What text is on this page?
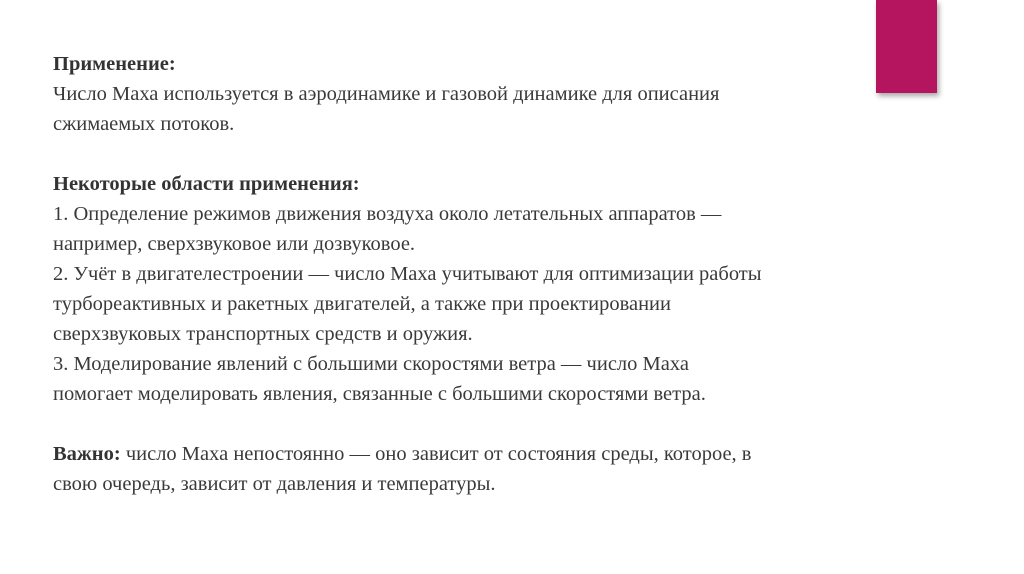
Применение:

Число Маха используется в аэродинамике и газовой динамике для описания

сжимаемых потоков.

Некоторые области применения:

1. Определение режимов движения воздуха около летательных аппаратов —

например, сверхзвуковое или дозвуковое.

2. Учёт в двигателестроении — число Маха учитывают для оптимизации работы

турбореактивных и ракетных двигателей, а также при проектировании

сверхзвуковых транспортных средств и оружия.

3. Моделирование явлений с большими скоростями ветра — число Маха

помогает моделировать явления, связанные с большими скоростями ветра.

Важно: число Маха непостоянно — оно зависит от состояния среды, которое, в

свою очередь, зависит от давления и температуры.
